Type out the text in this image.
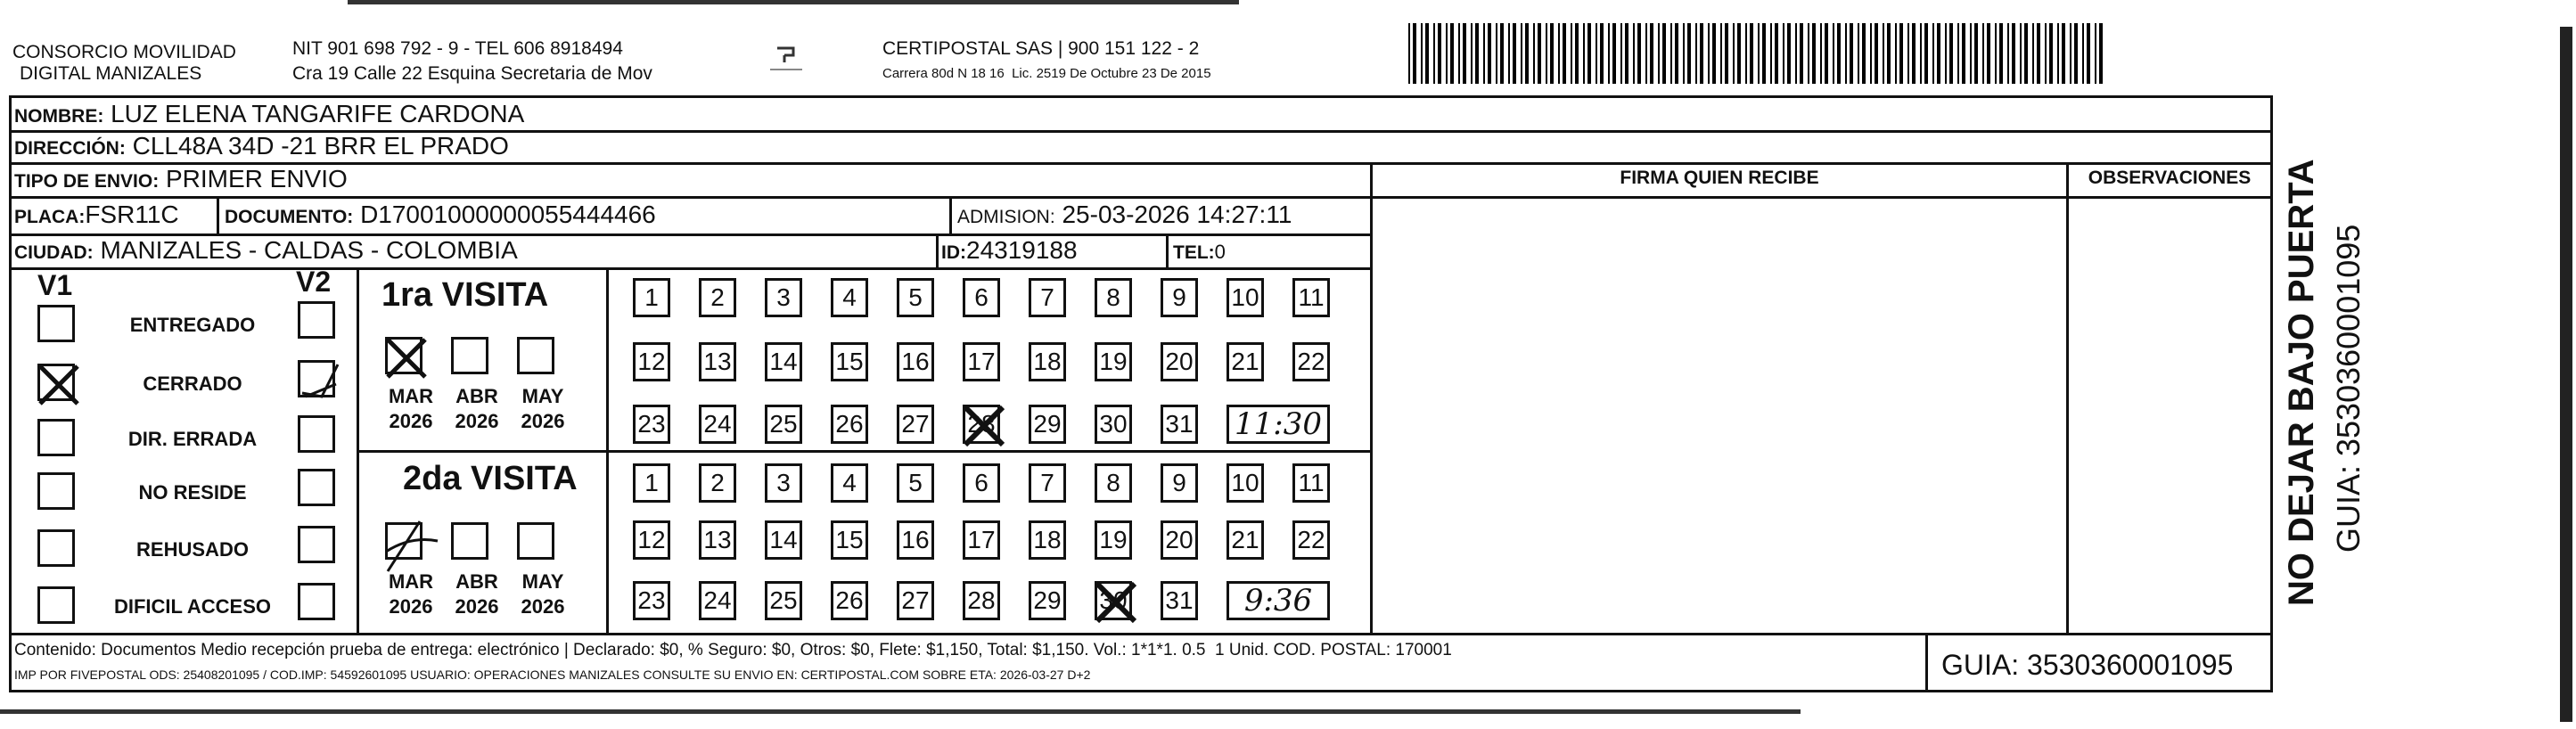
CONSORCIO MOVILIDAD
DIGITAL MANIZALES
NIT 901 698 792 - 9 - TEL 606 8918494
Cra 19 Calle 22 Esquina Secretaria de Mov
CERTIPOSTAL SAS | 900 151 122 - 2
Carrera 80d N 18 16  Lic. 2519 De Octubre 23 De 2015
NOMBRE: LUZ ELENA TANGARIFE CARDONA
DIRECCIÓN: CLL48A 34D -21 BRR EL PRADO
TIPO DE ENVIO: PRIMER ENVIO	FIRMA QUIEN RECIBE	OBSERVACIONES
PLACA:FSR11C DOCUMENTO: D17001000000055444466	ADMISION: 25-03-2026 14:27:11
CIUDAD: MANIZALES - CALDAS - COLOMBIA	ID:24319188	TEL:0
V1	V2
ENTREGADO
CERRADO
DIR. ERRADA
NO RESIDE
REHUSADO
DIFICIL ACCESO
1ra VISITA
2da VISITA
MAR
2026
ABR
2026
MAY
2026
MAR
2026
ABR
2026
MAY
2026
1	2	3	4	5	6	7	8	9	10 11
12 13 14 15 16 17 18 19 20 21 22
23 24 25 26 27 28 29 30 31 11:30
1	2	3	4	5	6	7	8	9	10 11
12 13 14 15 16 17 18 19 20 21 22
23 24 25 26 27 28 29 30 31	9:36
Contenido: Documentos Medio recepción prueba de entrega: electrónico | Declarado: $0, % Seguro: $0, Otros: $0, Flete: $1,150, Total: $1,150. Vol.: 1*1*1. 0.5  1 Unid. COD. POSTAL: 170001
IMP POR FIVEPOSTAL ODS: 25408201095 / COD.IMP: 54592601095 USUARIO: OPERACIONES MANIZALES CONSULTE SU ENVIO EN: CERTIPOSTAL.COM SOBRE ETA: 2026-03-27 D+2	GUIA: 3530360001095
NO DEJAR BAJO PUERTA GUIA: 3530360001095
